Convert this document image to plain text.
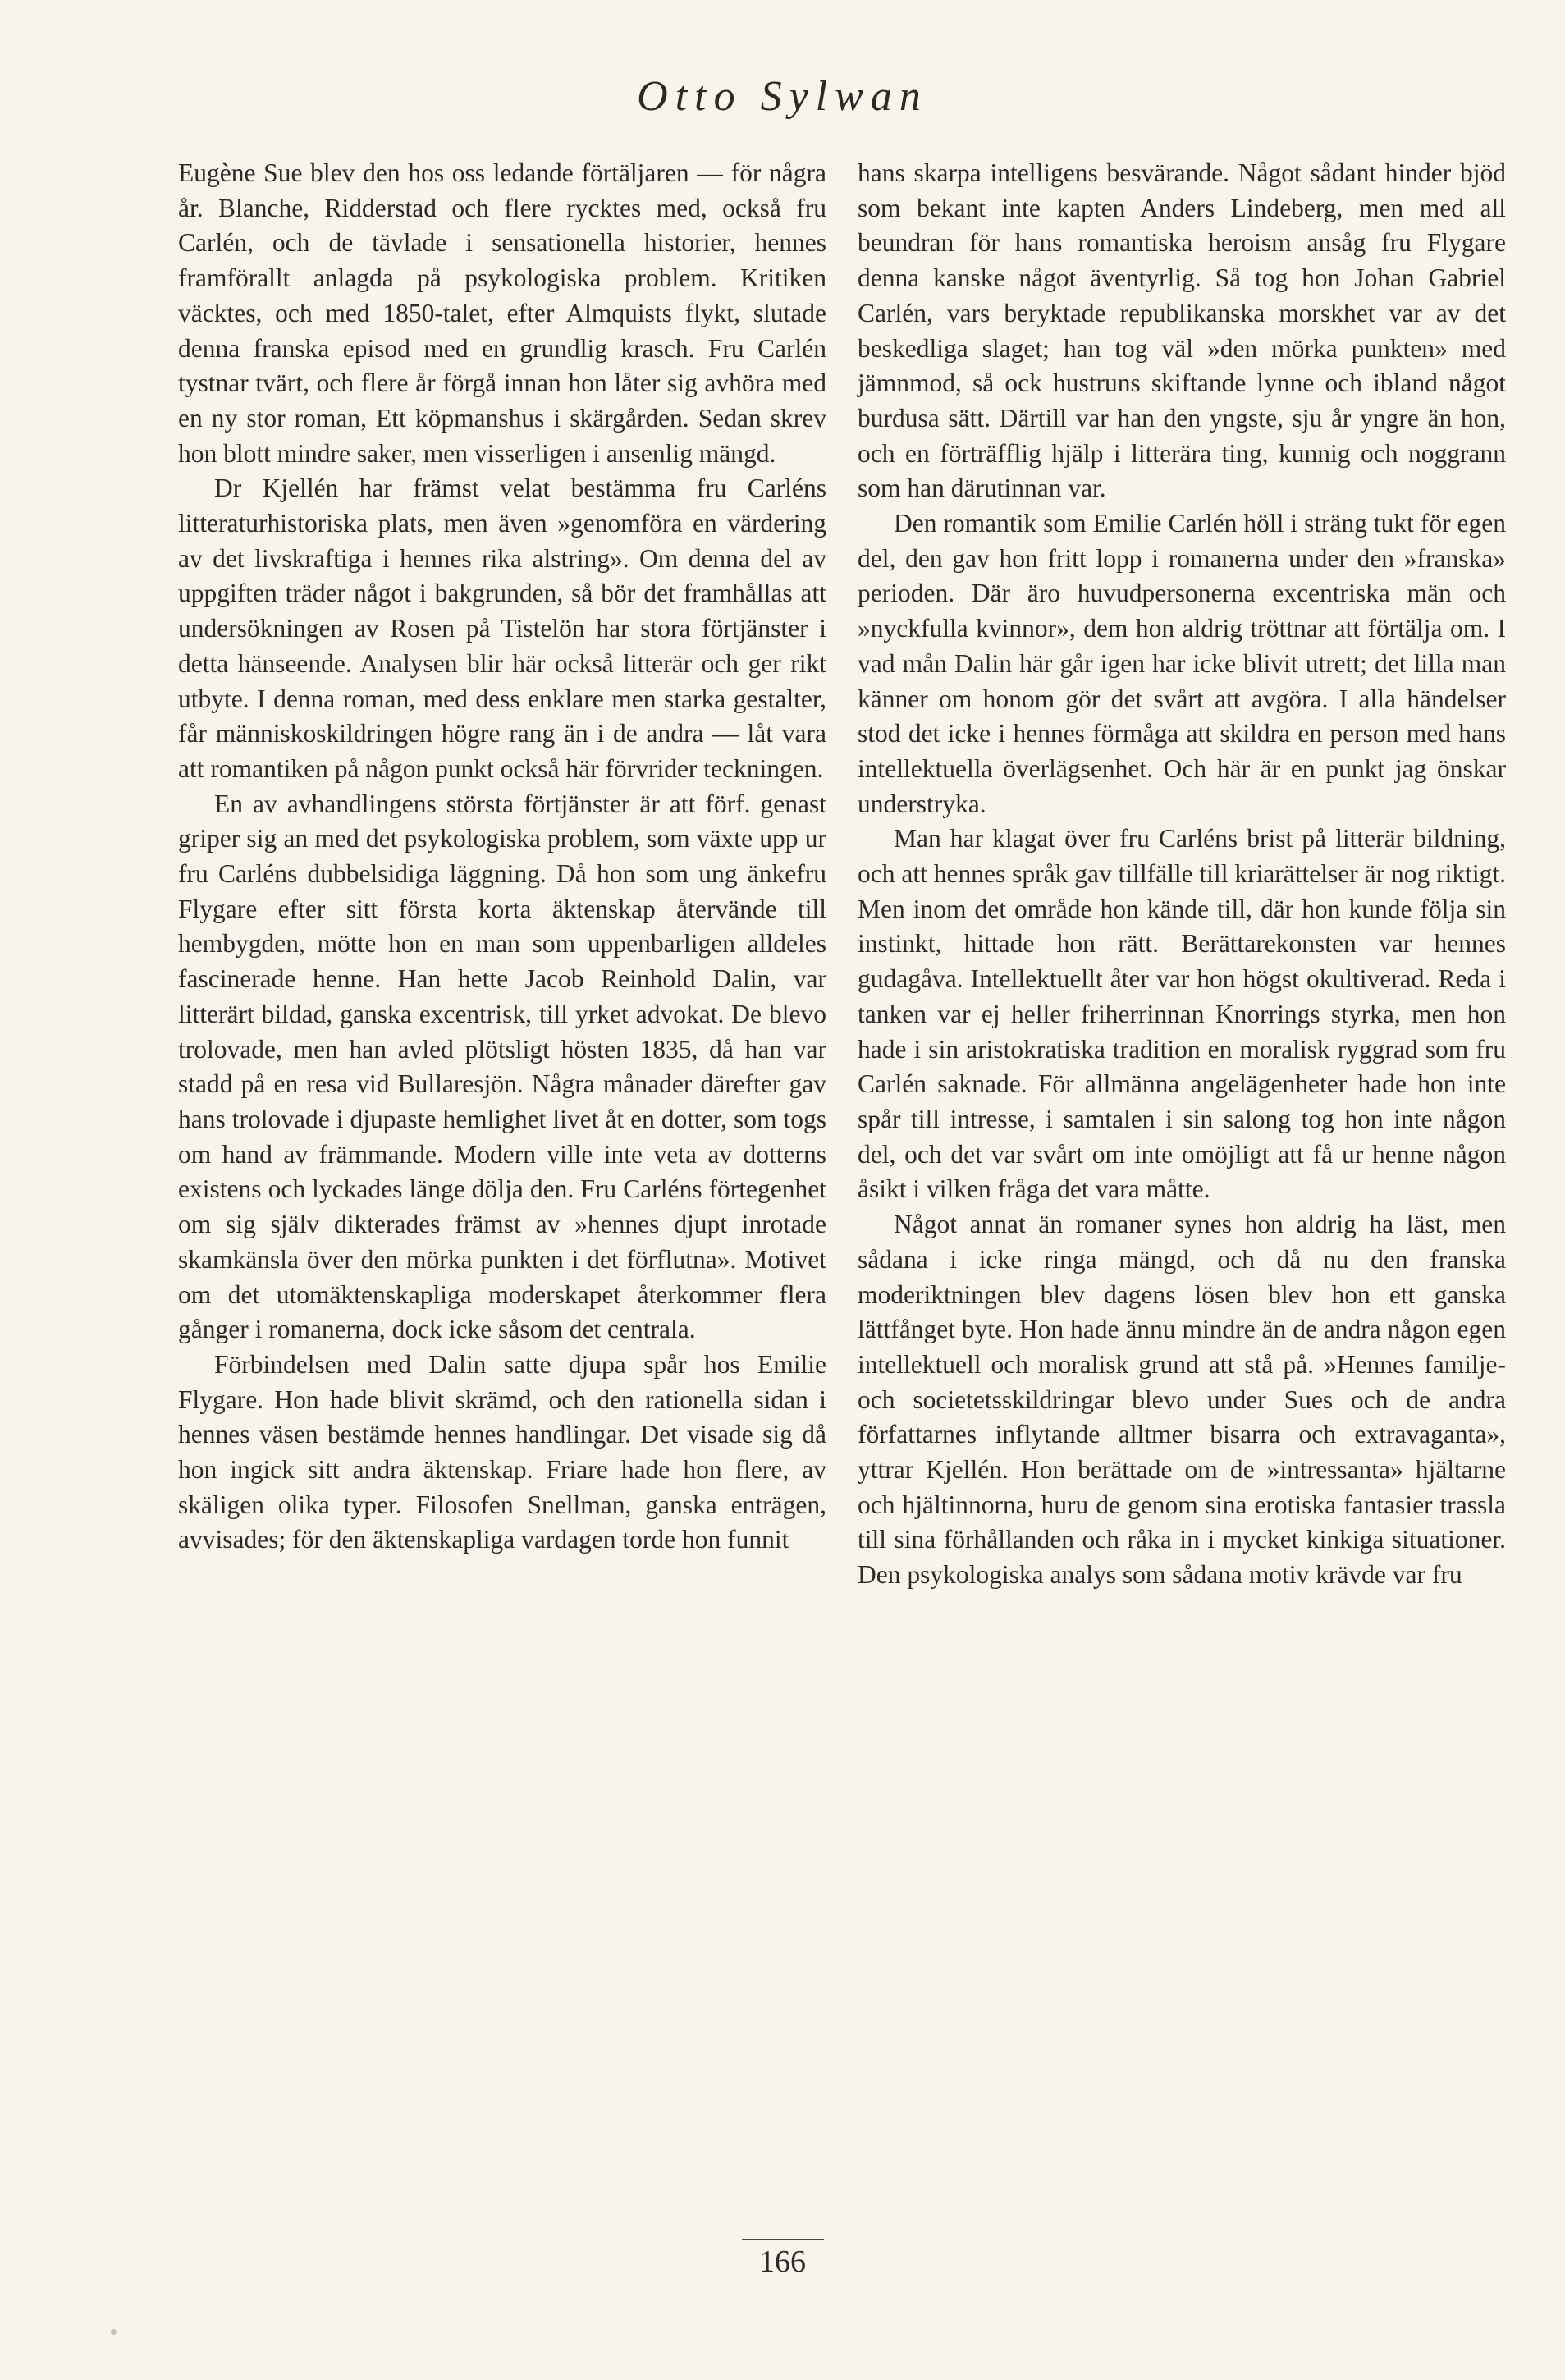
Otto Sylwan

Eugène Sue blev den hos oss ledande förtäljaren — för några år. Blanche, Ridderstad och flere rycktes med, också fru Carlén, och de tävlade i sensationella historier, hennes framförallt anlagda på psykologiska problem. Kritiken väcktes, och med 1850-talet, efter Almquists flykt, slutade denna franska episod med en grundlig krasch. Fru Carlén tystnar tvärt, och flere år förgå innan hon låter sig avhöra med en ny stor roman, Ett köpmanshus i skärgården. Sedan skrev hon blott mindre saker, men visserligen i ansenlig mängd.

Dr Kjellén har främst velat bestämma fru Carléns litteraturhistoriska plats, men även »genomföra en värdering av det livskraftiga i hennes rika alstring». Om denna del av uppgiften träder något i bakgrunden, så bör det framhållas att undersökningen av Rosen på Tistelön har stora förtjänster i detta hänseende. Analysen blir här också litterär och ger rikt utbyte. I denna roman, med dess enklare men starka gestalter, får människoskildringen högre rang än i de andra — låt vara att romantiken på någon punkt också här förvrider teckningen.

En av avhandlingens största förtjänster är att förf. genast griper sig an med det psykologiska problem, som växte upp ur fru Carléns dubbelsidiga läggning. Då hon som ung änkefru Flygare efter sitt första korta äktenskap återvände till hembygden, mötte hon en man som uppenbarligen alldeles fascinerade henne. Han hette Jacob Reinhold Dalin, var litterärt bildad, ganska excentrisk, till yrket advokat. De blevo trolovade, men han avled plötsligt hösten 1835, då han var stadd på en resa vid Bullaresjön. Några månader därefter gav hans trolovade i djupaste hemlighet livet åt en dotter, som togs om hand av främmande. Modern ville inte veta av dotterns existens och lyckades länge dölja den. Fru Carléns förtegenhet om sig själv dikterades främst av »hennes djupt inrotade skamkänsla över den mörka punkten i det förflutna». Motivet om det utomäktenskapliga moderskapet återkommer flera gånger i romanerna, dock icke såsom det centrala.

Förbindelsen med Dalin satte djupa spår hos Emilie Flygare. Hon hade blivit skrämd, och den rationella sidan i hennes väsen bestämde hennes handlingar. Det visade sig då hon ingick sitt andra äktenskap. Friare hade hon flere, av skäligen olika typer. Filosofen Snellman, ganska enträgen, avvisades; för den äktenskapliga vardagen torde hon funnit

hans skarpa intelligens besvärande. Något sådant hinder bjöd som bekant inte kapten Anders Lindeberg, men med all beundran för hans romantiska heroism ansåg fru Flygare denna kanske något äventyrlig. Så tog hon Johan Gabriel Carlén, vars beryktade republikanska morskhet var av det beskedliga slaget; han tog väl »den mörka punkten» med jämnmod, så ock hustruns skiftande lynne och ibland något burdusa sätt. Därtill var han den yngste, sju år yngre än hon, och en förträfflig hjälp i litterära ting, kunnig och noggrann som han därutinnan var.

Den romantik som Emilie Carlén höll i sträng tukt för egen del, den gav hon fritt lopp i romanerna under den »franska» perioden. Där äro huvudpersonerna excentriska män och »nyckfulla kvinnor», dem hon aldrig tröttnar att förtälja om. I vad mån Dalin här går igen har icke blivit utrett; det lilla man känner om honom gör det svårt att avgöra. I alla händelser stod det icke i hennes förmåga att skildra en person med hans intellektuella överlägsenhet. Och här är en punkt jag önskar understryka.

Man har klagat över fru Carléns brist på litterär bildning, och att hennes språk gav tillfälle till kriarättelser är nog riktigt. Men inom det område hon kände till, där hon kunde följa sin instinkt, hittade hon rätt. Berättarekonsten var hennes gudagåva. Intellektuellt åter var hon högst okultiverad. Reda i tanken var ej heller friherrinnan Knorrings styrka, men hon hade i sin aristokratiska tradition en moralisk ryggrad som fru Carlén saknade. För allmänna angelägenheter hade hon inte spår till intresse, i samtalen i sin salong tog hon inte någon del, och det var svårt om inte omöjligt att få ur henne någon åsikt i vilken fråga det vara måtte.

Något annat än romaner synes hon aldrig ha läst, men sådana i icke ringa mängd, och då nu den franska moderiktningen blev dagens lösen blev hon ett ganska lättfånget byte. Hon hade ännu mindre än de andra någon egen intellektuell och moralisk grund att stå på. »Hennes familje- och societetsskildringar blevo under Sues och de andra författarnes inflytande alltmer bisarra och extravaganta», yttrar Kjellén. Hon berättade om de »intressanta» hjältarne och hjältinnorna, huru de genom sina erotiska fantasier trassla till sina förhållanden och råka in i mycket kinkiga situationer. Den psykologiska analys som sådana motiv krävde var fru

166
